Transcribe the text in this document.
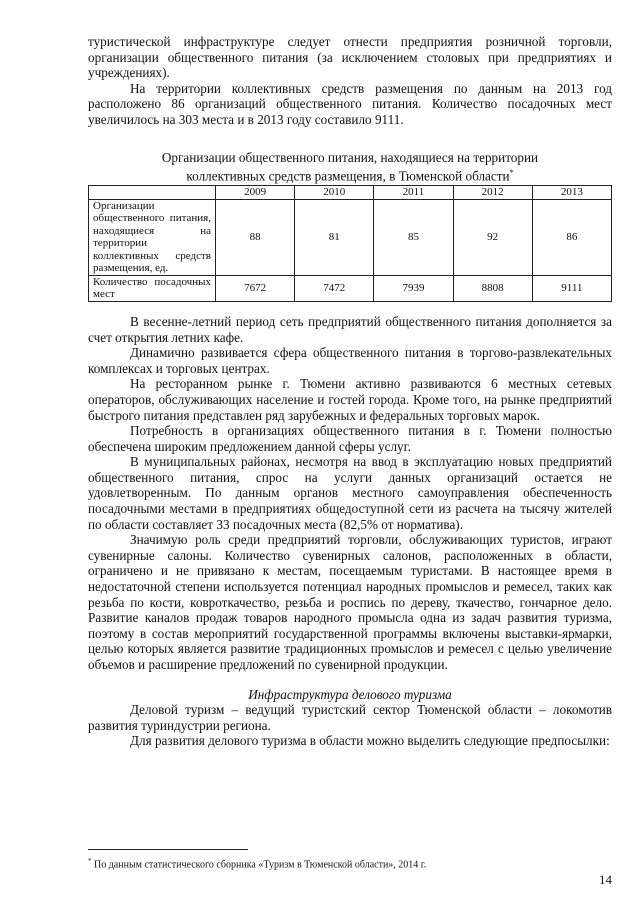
туристической инфраструктуре следует отнести предприятия розничной торговли, организации общественного питания (за исключением столовых при предприятиях и учреждениях).

На территории коллективных средств размещения по данным на 2013 год расположено 86 организаций общественного питания. Количество посадочных мест увеличилось на 303 места и в 2013 году составило 9111.

Организации общественного питания, находящиеся на территории
коллективных средств размещения, в Тюменской области*
	2009	2010	2011	2012	2013
Организации общественного питания, находящиеся на территории коллективных средств размещения, ед.	88	81	85	92	86
Количество посадочных мест	7672	7472	7939	8808	9111

В весенне-летний период сеть предприятий общественного питания дополняется за счет открытия летних кафе.

Динамично развивается сфера общественного питания в торгово-развлекательных комплексах и торговых центрах.

На ресторанном рынке г. Тюмени активно развиваются 6 местных сетевых операторов, обслуживающих население и гостей города. Кроме того, на рынке предприятий быстрого питания представлен ряд зарубежных и федеральных торговых марок.

Потребность в организациях общественного питания в г. Тюмени полностью обеспечена широким предложением данной сферы услуг.

В муниципальных районах, несмотря на ввод в эксплуатацию новых предприятий общественного питания, спрос на услуги данных организаций остается не удовлетворенным. По данным органов местного самоуправления обеспеченность посадочными местами в предприятиях общедоступной сети из расчета на тысячу жителей по области составляет 33 посадочных места (82,5% от норматива).

Значимую роль среди предприятий торговли, обслуживающих туристов, играют сувенирные салоны. Количество сувенирных салонов, расположенных в области, ограничено и не привязано к местам, посещаемым туристами. В настоящее время в недостаточной степени используется потенциал народных промыслов и ремесел, таких как резьба по кости, ковроткачество, резьба и роспись по дереву, ткачество, гончарное дело. Развитие каналов продаж товаров народного промысла одна из задач развития туризма, поэтому в состав мероприятий государственной программы включены выставки-ярмарки, целью которых является развитие традиционных промыслов и ремесел с целью увеличение объемов и расширение предложений по сувенирной продукции.

Инфраструктура делового туризма

Деловой туризм – ведущий туристский сектор Тюменской области – локомотив развития туриндустрии региона.

Для развития делового туризма в области можно выделить следующие предпосылки:

* По данным статистического сборника «Туризм в Тюменской области», 2014 г.
14
